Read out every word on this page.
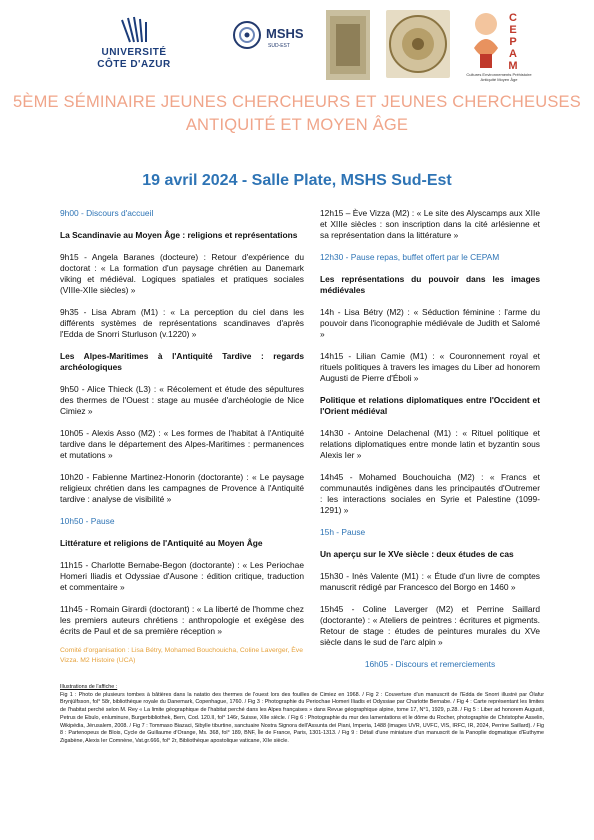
UNIVERSITÉ
CÔTE D'AZUR
MSHS
SUD-EST
CEPAM
Cultures Environnements Préhistoire Antiquité Moyen Âge
5ÈME SÉMINAIRE JEUNES CHERCHEURS ET JEUNES CHERCHEUSES
ANTIQUITÉ ET MOYEN ÂGE
19 avril 2024 - Salle Plate, MSHS Sud-Est

9h00 - Discours d'accueil

La Scandinavie au Moyen Âge : religions et représentations

9h15 - Angela Baranes (docteure) : Retour d'expérience du doctorat : « La formation d'un paysage chrétien au Danemark viking et médiéval. Logiques spatiales et pratiques sociales (VIIIe-XIIe siècles) »

9h35 - Lisa Abram (M1) : « La perception du ciel dans les différents systèmes de représentations scandinaves d'après l'Edda de Snorri Sturluson (v.1220) »

Les Alpes-Maritimes à l'Antiquité Tardive : regards archéologiques

9h50 - Alice Thieck (L3) : « Récolement et étude des sépultures des thermes de l'Ouest : stage au musée d'archéologie de Nice Cimiez »

10h05 - Alexis Asso (M2) : « Les formes de l'habitat à l'Antiquité tardive dans le département des Alpes-Maritimes : permanences et mutations »

10h20 - Fabienne Martinez-Honorin (doctorante) : « Le paysage religieux chrétien dans les campagnes de Provence à l'Antiquité tardive : analyse de visibilité »

10h50 - Pause

Littérature et religions de l'Antiquité au Moyen Âge

11h15 - Charlotte Bernabe-Begon (doctorante) : « Les Periochae Homeri Iliadis et Odyssiae d'Ausone : édition critique, traduction et commentaire »

11h45 - Romain Girardi (doctorant) : « La liberté de l'homme chez les premiers auteurs chrétiens : anthropologie et exégèse des écrits de Paul et de sa première réception »

12h15 – Ève Vizza (M2) : « Le site des Alyscamps aux XIIe et XIIIe siècles : son inscription dans la cité arlésienne et sa représentation dans la littérature »

12h30 - Pause repas, buffet offert par le CEPAM

Les représentations du pouvoir dans les images médiévales

14h - Lisa Bétry (M2) : « Séduction féminine : l'arme du pouvoir dans l'iconographie médiévale de Judith et Salomé »

14h15 - Lilian Camie (M1) : « Couronnement royal et rituels politiques à travers les images du Liber ad honorem Augusti de Pierre d'Éboli »

Politique et relations diplomatiques entre l'Occident et l'Orient médiéval

14h30 - Antoine Delachenal (M1) : « Rituel politique et relations diplomatiques entre monde latin et byzantin sous Alexis Ier »

14h45 - Mohamed Bouchouicha (M2) : « Francs et communautés indigènes dans les principautés d'Outremer : les interactions sociales en Syrie et Palestine (1099-1291) »

15h - Pause

Un aperçu sur le XVe siècle : deux études de cas

15h30 - Inès Valente (M1) : « Étude d'un livre de comptes manuscrit rédigé par Francesco del Borgo en 1460 »

15h45 - Coline Laverger (M2) et Perrine Saillard (doctorante) : « Ateliers de peintres : écritures et pigments. Retour de stage : études de peintures murales du XVe siècle dans le sud de l'arc alpin »

16h05 - Discours et remerciements

Comité d'organisation : Lisa Bétry, Mohamed Bouchouicha, Coline Laverger, Ève Vizza. M2 Histoire (UCA)
Illustrations de l'affiche :
Fig 1 : Photo de plusieurs tombes à bâtières dans la natatio des thermes de l'ouest lors des fouilles de Cimiez en 1968. / Fig 2 : Couverture d'un manuscrit de l'Edda de Snorri illustré par Ólafur Brynjúlfsson, fol° 58r, bibliothèque royale du Danemark, Copenhague, 1760. / Fig 3 : Photographie du Periochae Homeri Iliadis et Odyssiae par Charlotte Bernabe. / Fig 4 : Carte représentant les limites de l'habitat perché selon M. Rey « La limite géographique de l'habitat perché dans les Alpes françaises » dans Revue géographique alpine, tome 17, N°1, 1929, p.28. / Fig 5 : Liber ad honorem Augusti, Petrus de Ebulo, enluminure, Burgerbibliothek, Bern, Cod. 120.II, fol° 146r, Suisse, XIIe siècle. / Fig 6 : Photographie du mur des lamentations et le dôme du Rocher, photographie de Christophe Asselin, Wikipédia, Jérusalem, 2008. / Fig 7 : Tommaso Biazaci, Sibylle tiburtine, sanctuaire Nostra Signora dell'Assunta dei Piani, Imperia, 1488 (images UVR, UVFC, VIS, IRFC, IR, 2024, Perrine Saillard). / Fig 8 : Partenopeus de Blois, Cycle de Guillaume d'Orange, Ms. 368, fol° 189, BNF, Île de France, Paris, 1301-1313. / Fig 9 : Détail d'une miniature d'un manuscrit de la Panoplie dogmatique d'Euthyme Zigabène, Alexis Ier Comnène, Vat.gr.666, fol° 2r, Bibliothèque apostolique vaticane, XIIe siècle.
